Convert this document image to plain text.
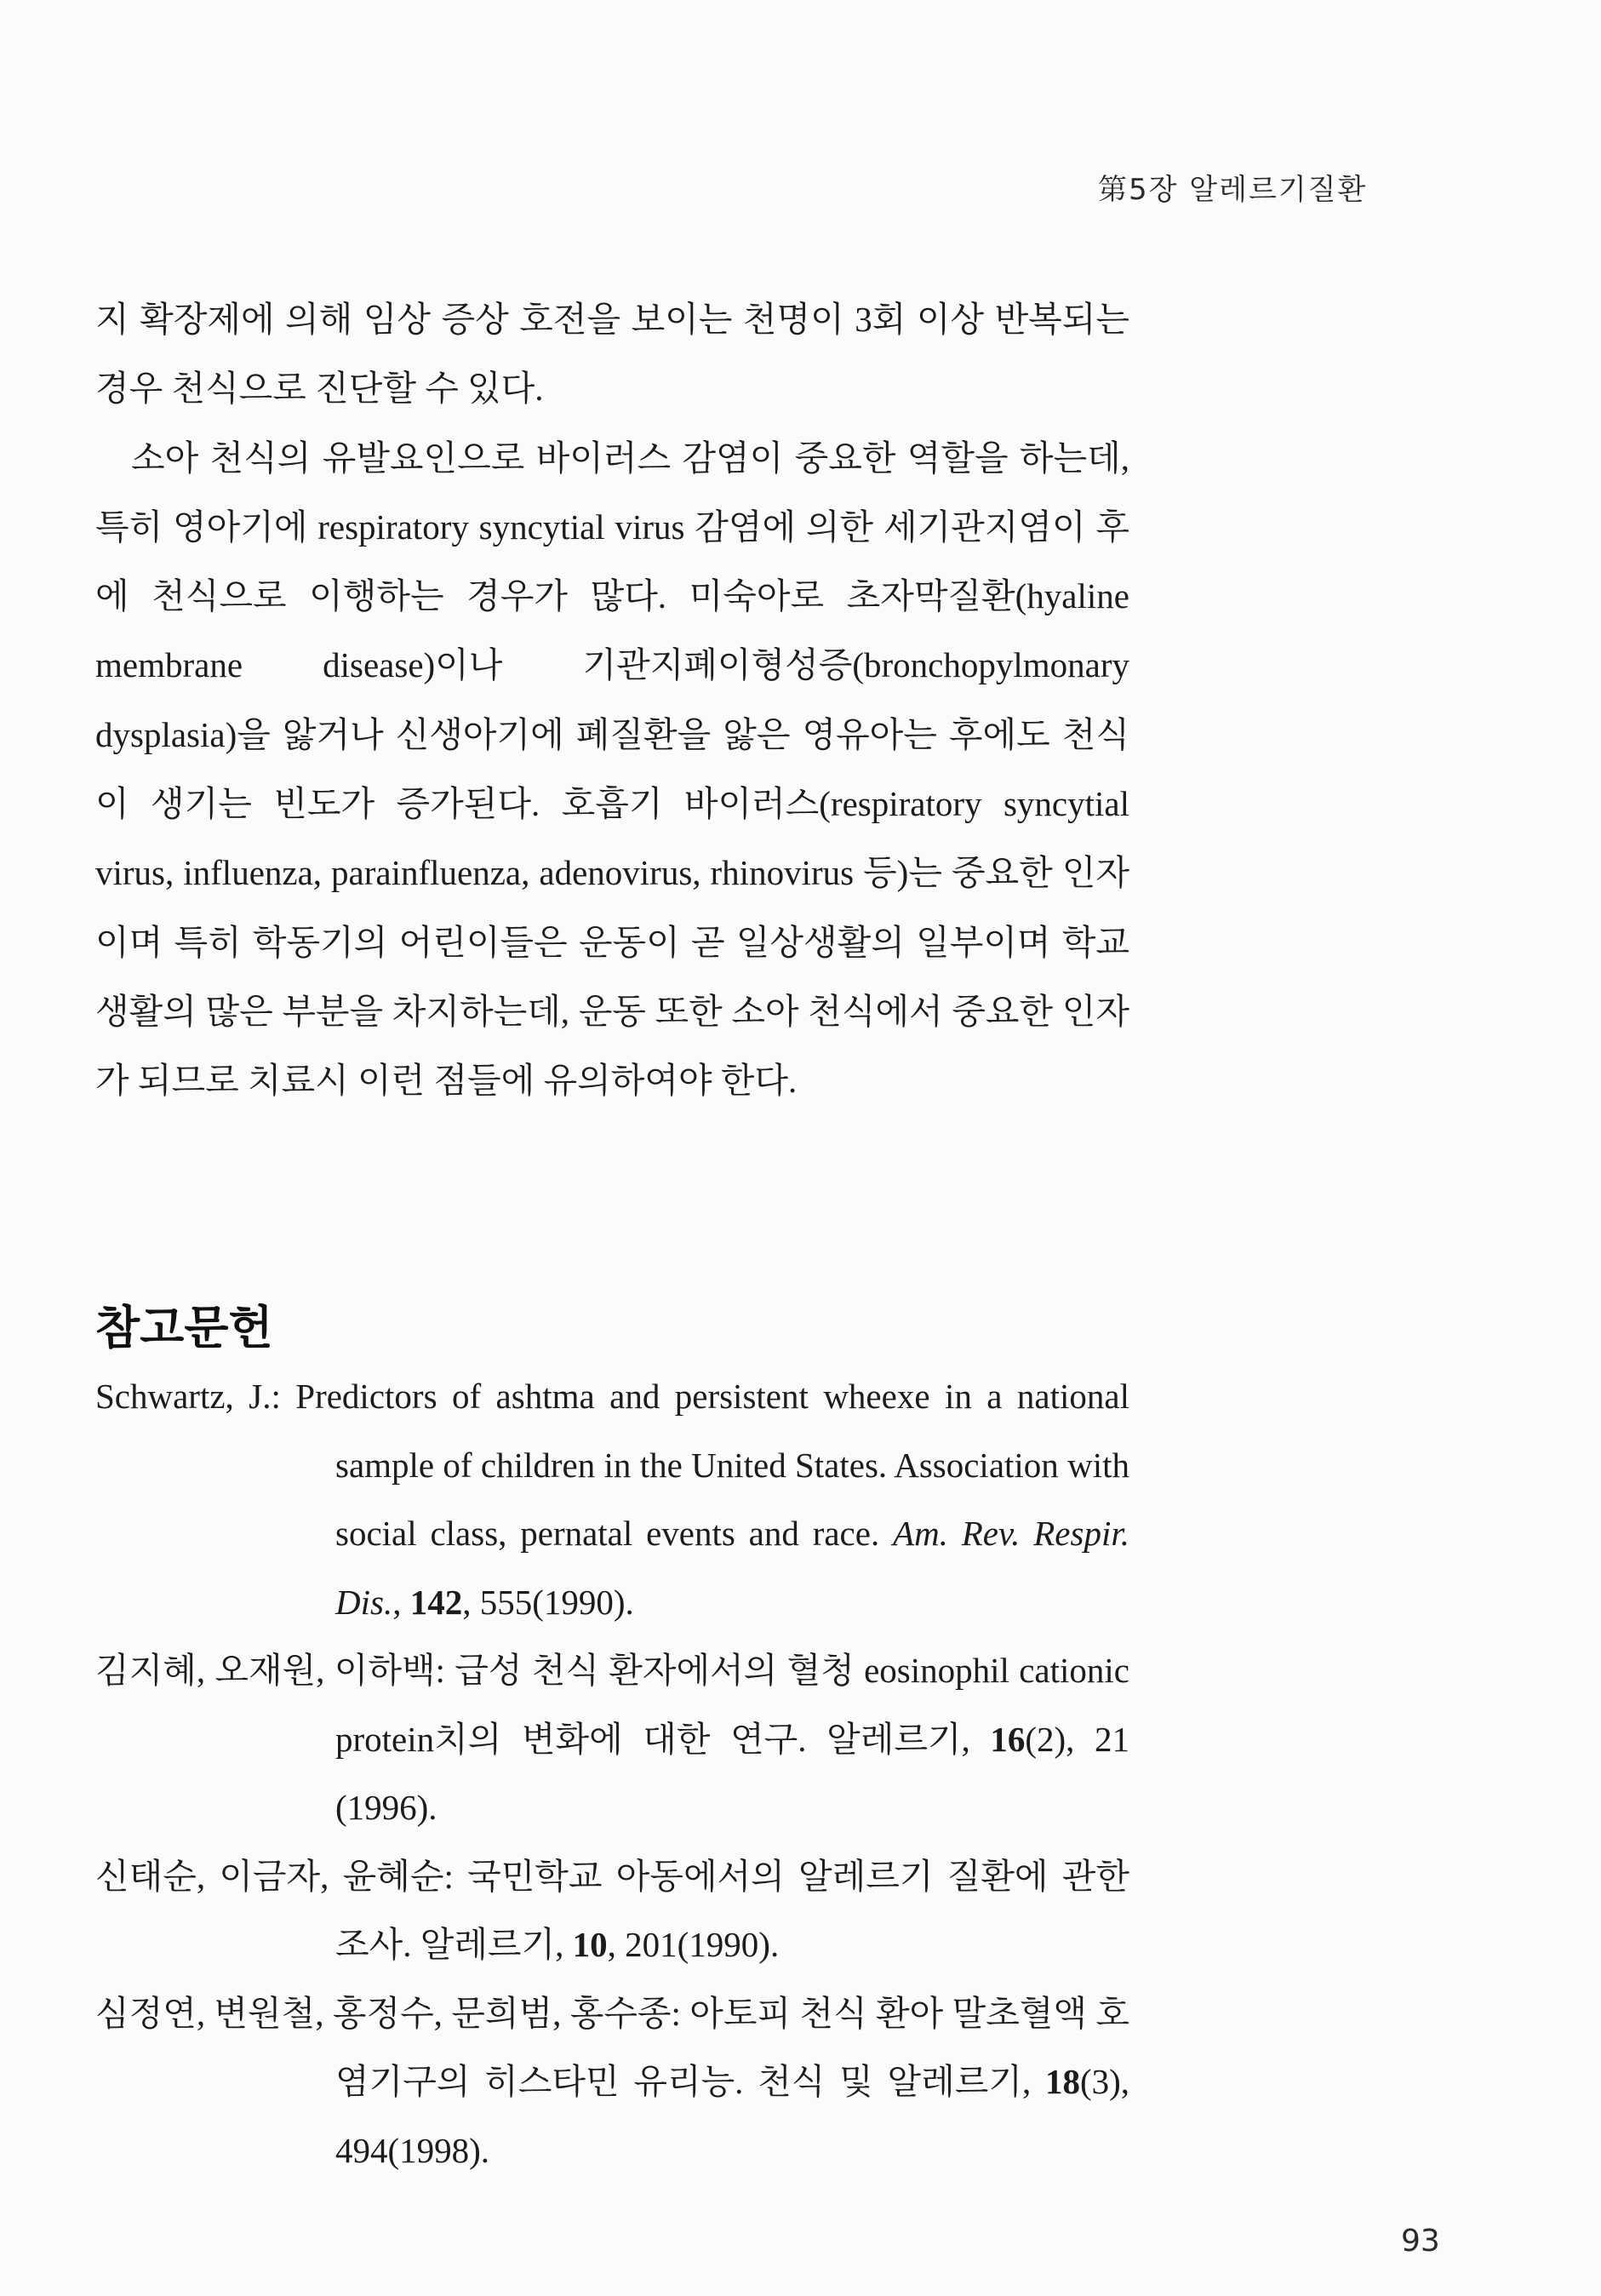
第5장 알레르기질환

지 확장제에 의해 임상 증상 호전을 보이는 천명이 3회 이상 반복되는 경우 천식으로 진단할 수 있다.

소아 천식의 유발요인으로 바이러스 감염이 중요한 역할을 하는데, 특히 영아기에 respiratory syncytial virus 감염에 의한 세기관지염이 후에 천식으로 이행하는 경우가 많다. 미숙아로 초자막질환(hyaline membrane disease)이나 기관지폐이형성증(bronchopylmonary dysplasia)을 앓거나 신생아기에 폐질환을 앓은 영유아는 후에도 천식이 생기는 빈도가 증가된다. 호흡기 바이러스(respiratory syncytial virus, influenza, parainfluenza, adenovirus, rhinovirus 등)는 중요한 인자이며 특히 학동기의 어린이들은 운동이 곧 일상생활의 일부이며 학교생활의 많은 부분을 차지하는데, 운동 또한 소아 천식에서 중요한 인자가 되므로 치료시 이런 점들에 유의하여야 한다.

참고문헌
Schwartz, J.: Predictors of ashtma and persistent wheexe in a national sample of children in the United States. Association with social class, pernatal events and race. Am. Rev. Respir. Dis., 142, 555(1990).
김지혜, 오재원, 이하백: 급성 천식 환자에서의 혈청 eosinophil cationic protein치의 변화에 대한 연구. 알레르기, 16(2), 21 (1996).
신태순, 이금자, 윤혜순: 국민학교 아동에서의 알레르기 질환에 관한 조사. 알레르기, 10, 201(1990).
심정연, 변원철, 홍정수, 문희범, 홍수종: 아토피 천식 환아 말초혈액 호염기구의 히스타민 유리능. 천식 및 알레르기, 18(3), 494(1998).
93
